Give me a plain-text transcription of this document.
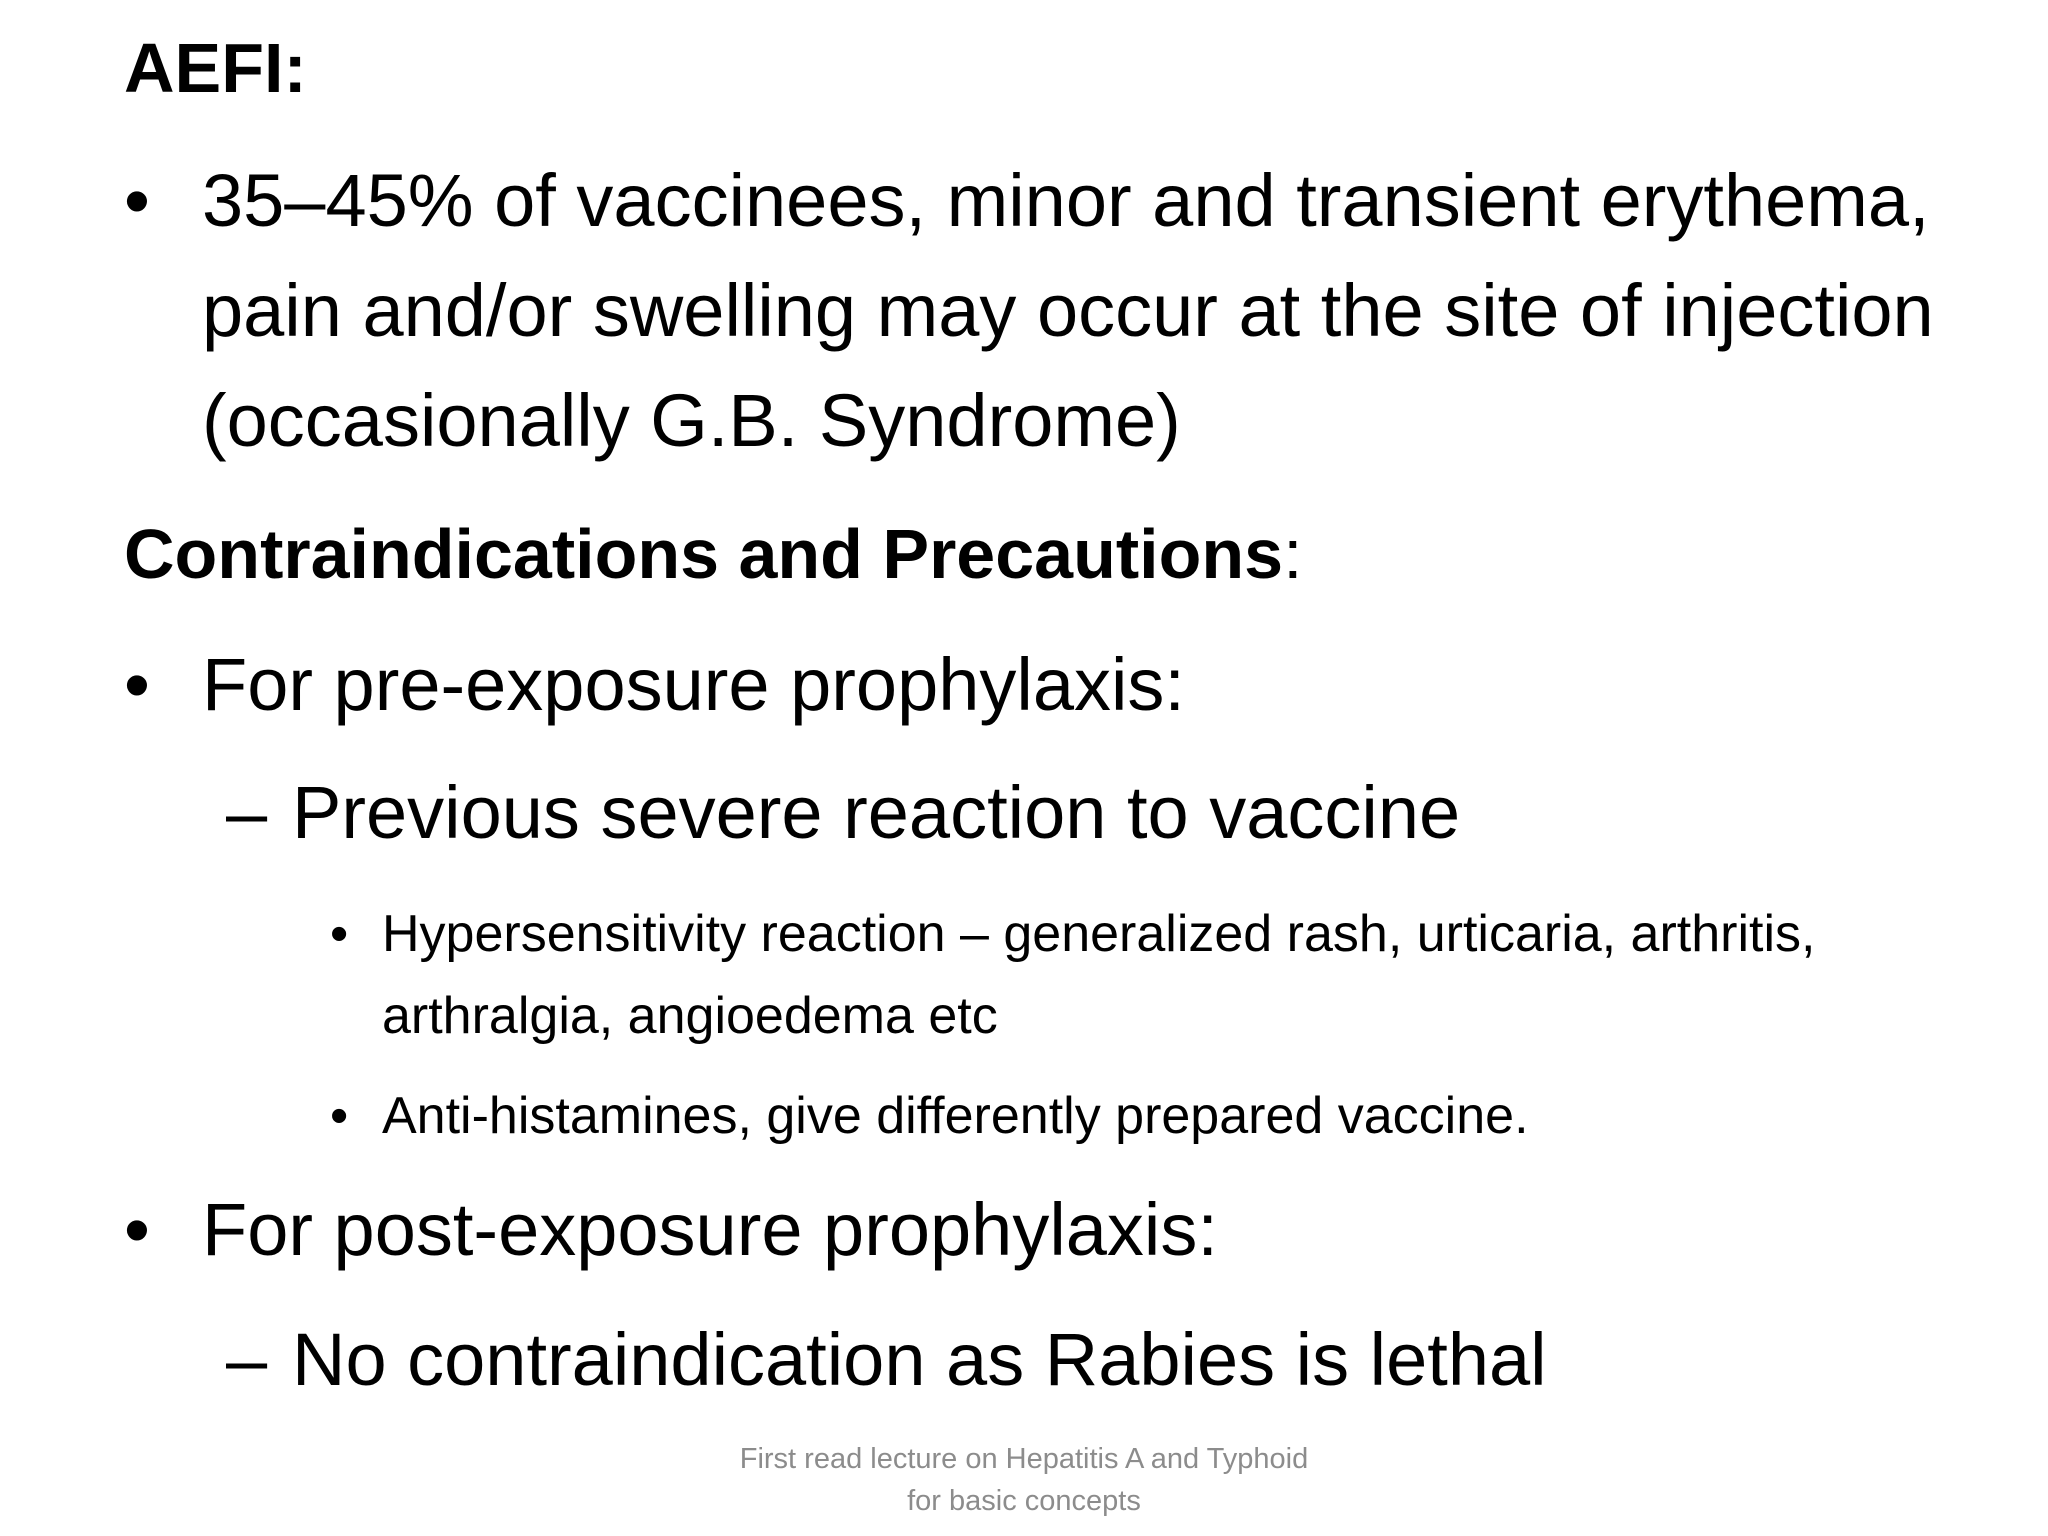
AEFI:
• 35–45% of vaccinees, minor and transient erythema, pain and/or swelling may occur at the site of injection (occasionally G.B. Syndrome)
Contraindications and Precautions:
• For pre-exposure prophylaxis:
– Previous severe reaction to vaccine
• Hypersensitivity reaction – generalized rash, urticaria, arthritis, arthralgia, angioedema etc
• Anti-histamines, give differently prepared vaccine.
• For post-exposure prophylaxis:
– No contraindication as Rabies is lethal
First read lecture on Hepatitis A and Typhoid for basic concepts
